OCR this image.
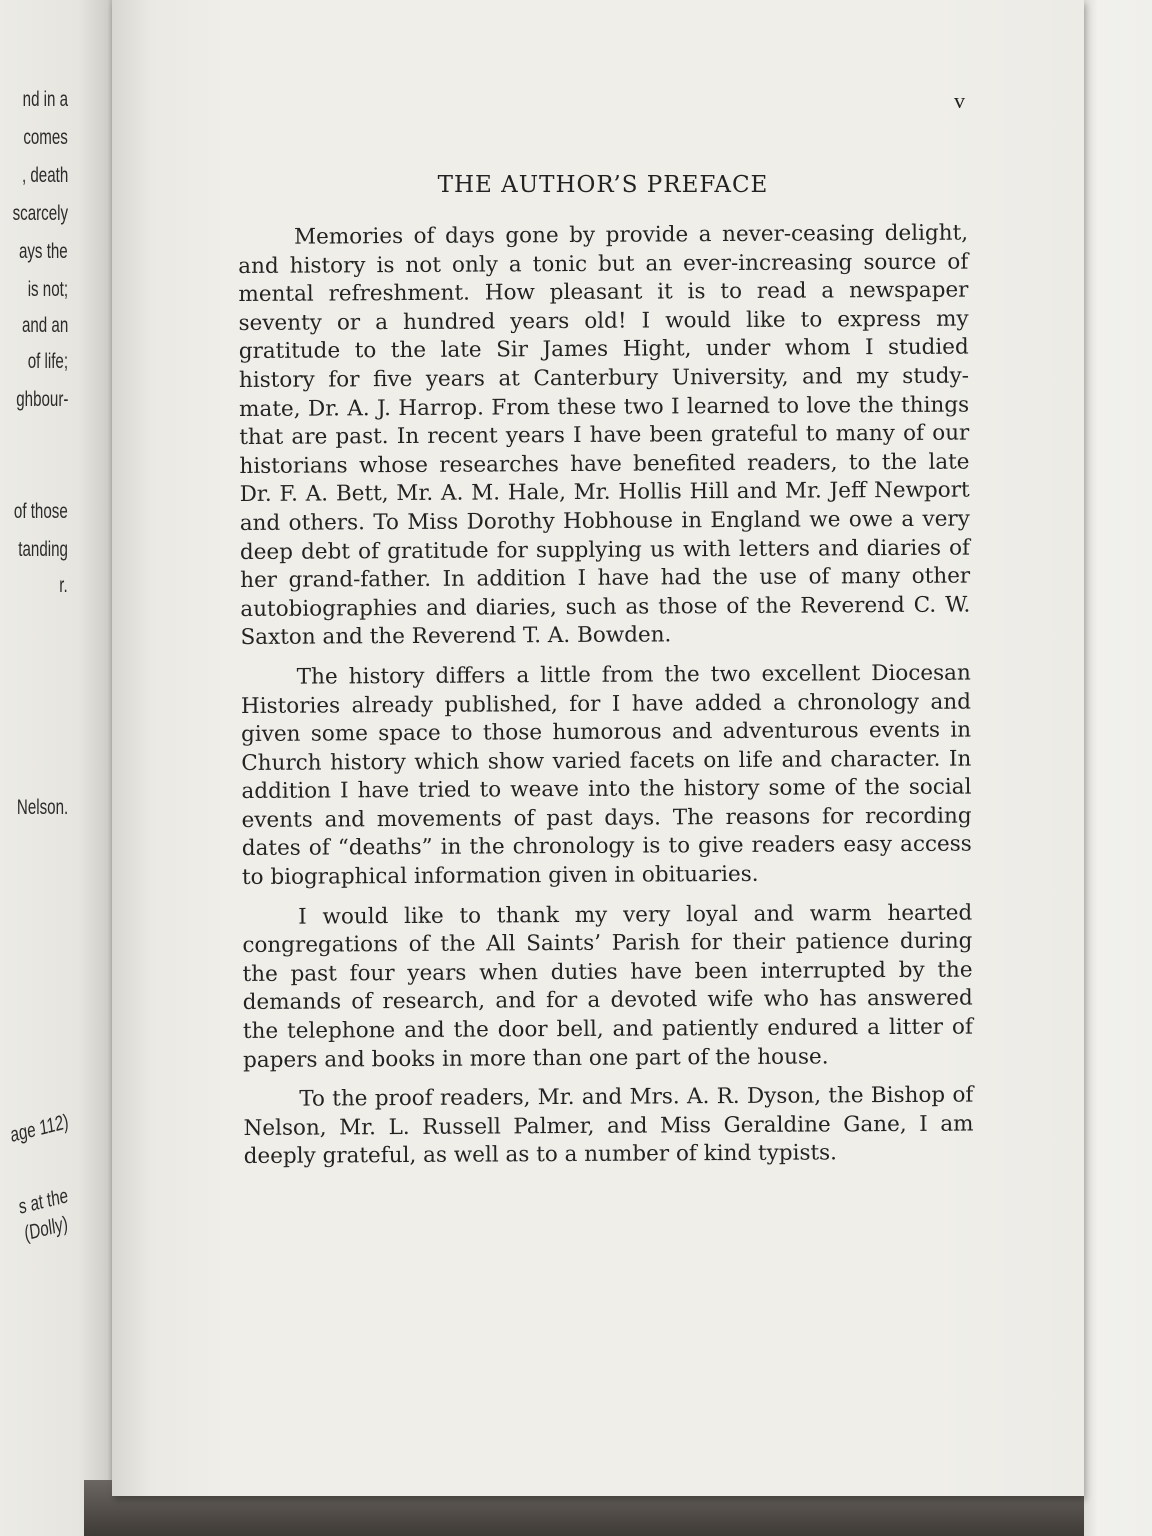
nd in a
comes
, death
scarcely
ays the
is not;
and an
of life;
ghbour-
of those
tanding
r.
Nelson.
age 112)
s at the
(Dolly)
v
THE AUTHOR’S PREFACE

Memories of days gone by provide a never-ceasing delight, and history is not only a tonic but an ever-increasing source of mental refreshment. How pleasant it is to read a newspaper seventy or a hundred years old! I would like to express my gratitude to the late Sir James Hight, under whom I studied history for five years at Canterbury University, and my study-mate, Dr. A. J. Harrop. From these two I learned to love the things that are past. In recent years I have been grateful to many of our historians whose researches have benefited readers, to the late Dr. F. A. Bett, Mr. A. M. Hale, Mr. Hollis Hill and Mr. Jeff Newport and others. To Miss Dorothy Hobhouse in England we owe a very deep debt of gratitude for supplying us with letters and diaries of her grand-father. In addition I have had the use of many other autobiographies and diaries, such as those of the Reverend C. W. Saxton and the Reverend T. A. Bowden.

The history differs a little from the two excellent Diocesan Histories already published, for I have added a chronology and given some space to those humorous and adventurous events in Church history which show varied facets on life and character. In addition I have tried to weave into the history some of the social events and movements of past days. The reasons for recording dates of “deaths” in the chronology is to give readers easy access to biographical information given in obituaries.

I would like to thank my very loyal and warm hearted congregations of the All Saints’ Parish for their patience during the past four years when duties have been interrupted by the demands of research, and for a devoted wife who has answered the telephone and the door bell, and patiently endured a litter of papers and books in more than one part of the house.

To the proof readers, Mr. and Mrs. A. R. Dyson, the Bishop of Nelson, Mr. L. Russell Palmer, and Miss Geraldine Gane, I am deeply grateful, as well as to a number of kind typists.
